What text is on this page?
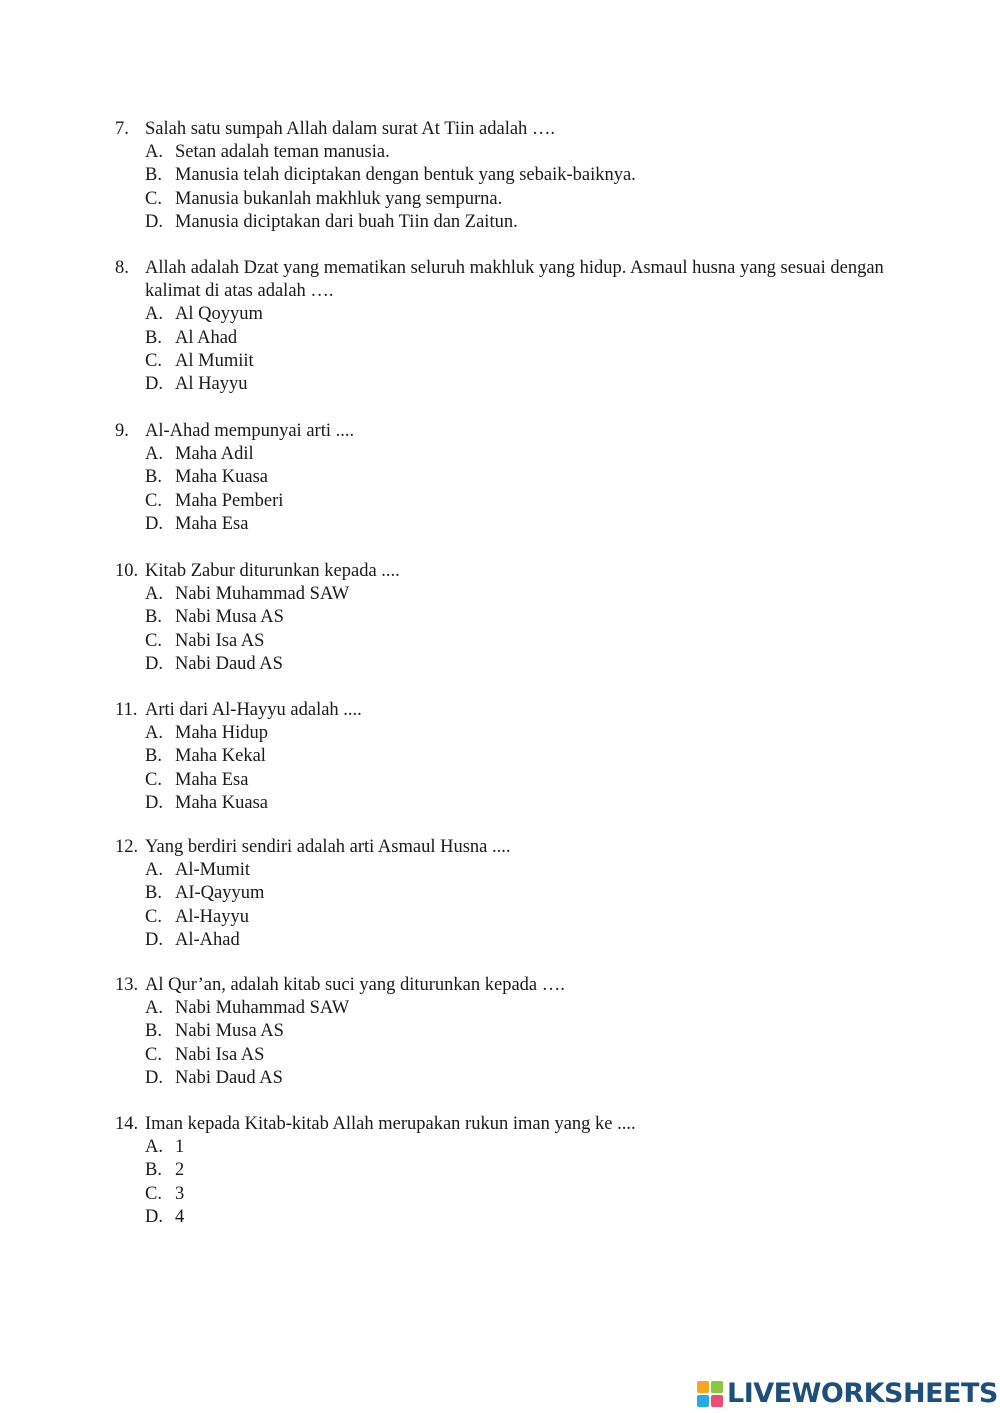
7. Salah satu sumpah Allah dalam surat At Tiin adalah ….
A. Setan adalah teman manusia.
B. Manusia telah diciptakan dengan bentuk yang sebaik-baiknya.
C. Manusia bukanlah makhluk yang sempurna.
D. Manusia diciptakan dari buah Tiin dan Zaitun.
8. Allah adalah Dzat yang mematikan seluruh makhluk yang hidup. Asmaul husna yang sesuai dengan kalimat di atas adalah ….
A. Al Qoyyum
B. Al Ahad
C. Al Mumiit
D. Al Hayyu
9. Al-Ahad mempunyai arti ....
A. Maha Adil
B. Maha Kuasa
C. Maha Pemberi
D. Maha Esa
10. Kitab Zabur diturunkan kepada ....
A. Nabi Muhammad SAW
B. Nabi Musa AS
C. Nabi Isa AS
D. Nabi Daud AS
11. Arti dari Al-Hayyu adalah ....
A. Maha Hidup
B. Maha Kekal
C. Maha Esa
D. Maha Kuasa
12. Yang berdiri sendiri adalah arti Asmaul Husna ....
A. Al-Mumit
B. AI-Qayyum
C. Al-Hayyu
D. Al-Ahad
13. Al Qur’an, adalah kitab suci yang diturunkan kepada ….
A. Nabi Muhammad SAW
B. Nabi Musa AS
C. Nabi Isa AS
D. Nabi Daud AS
14. Iman kepada Kitab-kitab Allah merupakan rukun iman yang ke ....
A. 1
B. 2
C. 3
D. 4
LIVEWORKSHEETS
